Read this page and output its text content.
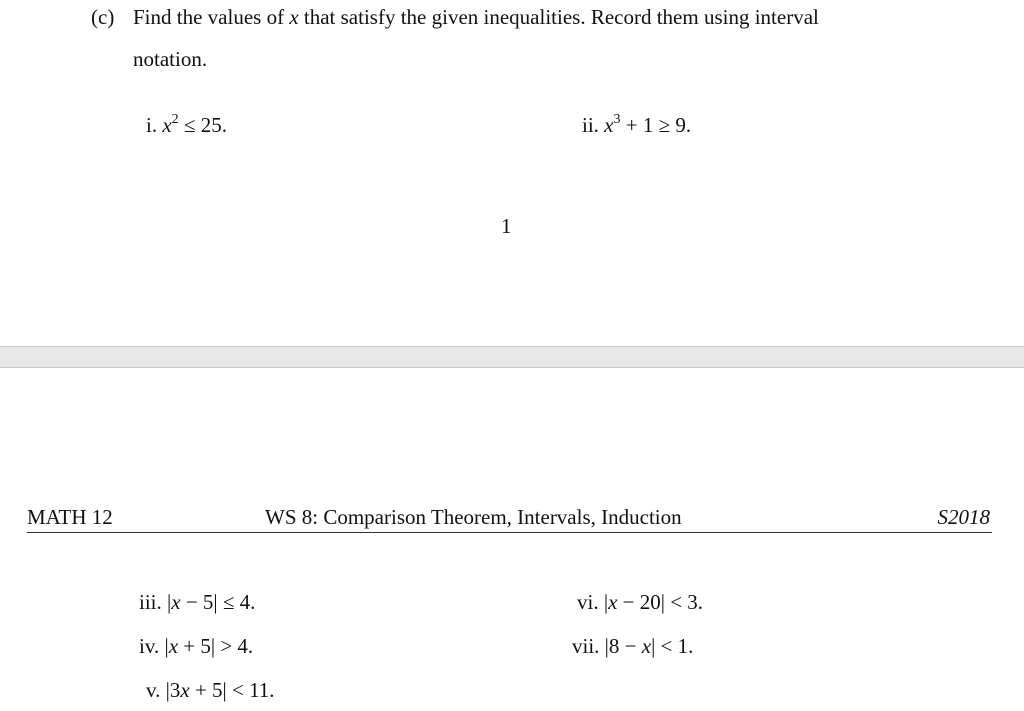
(c) Find the values of x that satisfy the given inequalities. Record them using interval
notation.
i. $x^2 \le 25$.	ii. $x^3 + 1 \ge 9$.
1
MATH 12	WS 8: Comparison Theorem, Intervals, Induction	S2018
iii. |x − 5| ≤ 4.
iv. |x + 5| > 4.
v. |3x + 5| < 11.
vi. |x − 20| < 3.
vii. |8 − x| < 1.
